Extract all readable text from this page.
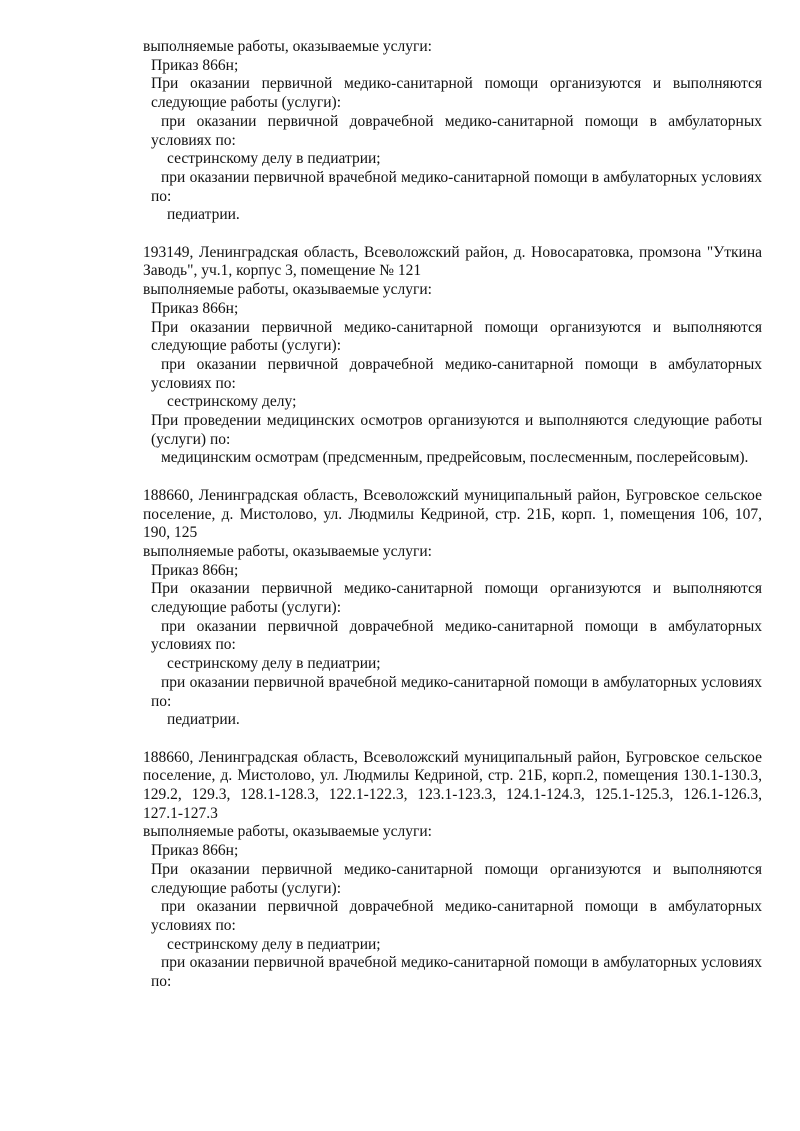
выполняемые работы, оказываемые услуги:

Приказ 866н;

При оказании первичной медико-санитарной помощи организуются и выполняются следующие работы (услуги):

при оказании первичной доврачебной медико-санитарной помощи в амбулаторных условиях по:

сестринскому делу в педиатрии;

при оказании первичной врачебной медико-санитарной помощи в амбулаторных условиях по:

педиатрии.

193149, Ленинградская область, Всеволожский район, д. Новосаратовка, промзона "Уткина Заводь", уч.1, корпус 3, помещение № 121

выполняемые работы, оказываемые услуги:

Приказ 866н;

При оказании первичной медико-санитарной помощи организуются и выполняются следующие работы (услуги):

при оказании первичной доврачебной медико-санитарной помощи в амбулаторных условиях по:

сестринскому делу;

При проведении медицинских осмотров организуются и выполняются следующие работы (услуги) по:

медицинским осмотрам (предсменным, предрейсовым, послесменным, послерейсовым).

188660, Ленинградская область, Всеволожский муниципальный район, Бугровское сельское поселение, д. Мистолово, ул. Людмилы Кедриной, стр. 21Б, корп. 1, помещения 106, 107, 190, 125

выполняемые работы, оказываемые услуги:

Приказ 866н;

При оказании первичной медико-санитарной помощи организуются и выполняются следующие работы (услуги):

при оказании первичной доврачебной медико-санитарной помощи в амбулаторных условиях по:

сестринскому делу в педиатрии;

при оказании первичной врачебной медико-санитарной помощи в амбулаторных условиях по:

педиатрии.

188660, Ленинградская область, Всеволожский муниципальный район, Бугровское сельское поселение, д. Мистолово, ул. Людмилы Кедриной, стр. 21Б, корп.2, помещения 130.1-130.3, 129.2, 129.3, 128.1-128.3, 122.1-122.3, 123.1-123.3, 124.1-124.3, 125.1-125.3, 126.1-126.3, 127.1-127.3

выполняемые работы, оказываемые услуги:

Приказ 866н;

При оказании первичной медико-санитарной помощи организуются и выполняются следующие работы (услуги):

при оказании первичной доврачебной медико-санитарной помощи в амбулаторных условиях по:

сестринскому делу в педиатрии;

при оказании первичной врачебной медико-санитарной помощи в амбулаторных условиях по:
